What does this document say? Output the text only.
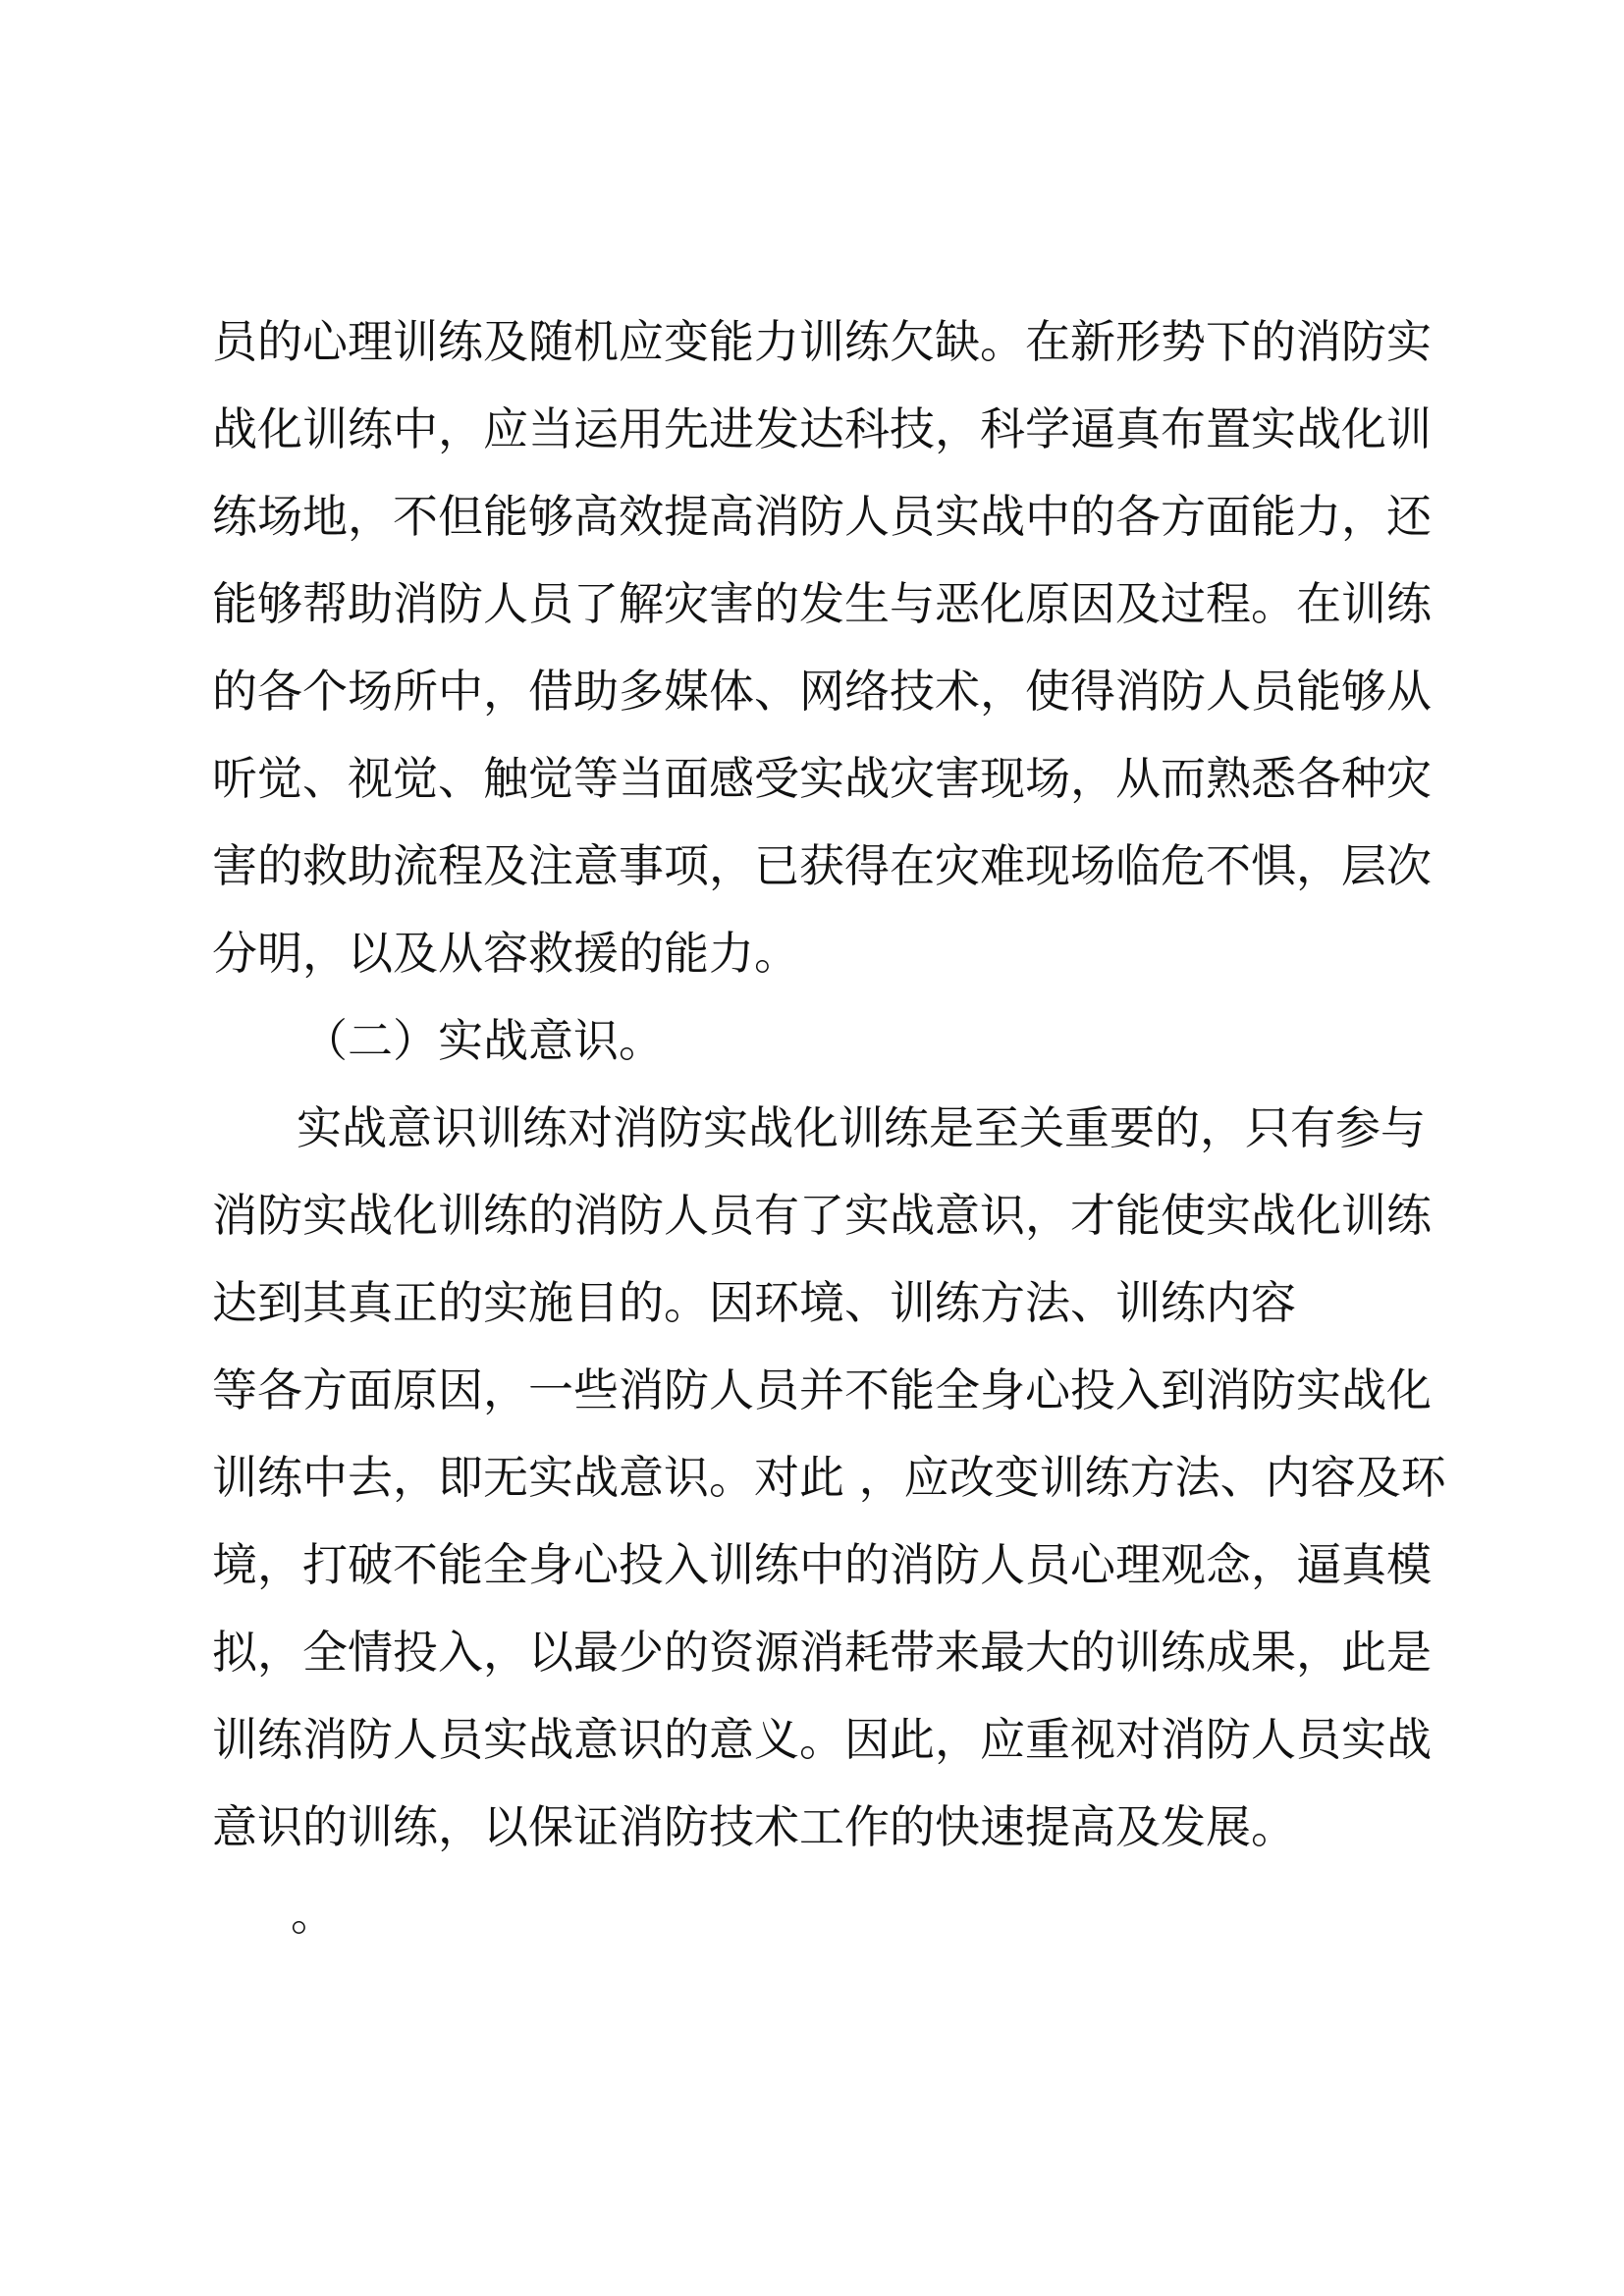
员的心理训练及随机应变能力训练欠缺。在新形势下的消防实
战化训练中，应当运用先进发达科技，科学逼真布置实战化训
练场地，不但能够高效提高消防人员实战中的各方面能力，还
能够帮助消防人员了解灾害的发生与恶化原因及过程。在训练
的各个场所中，借助多媒体、网络技术，使得消防人员能够从
听觉、视觉、触觉等当面感受实战灾害现场，从而熟悉各种灾
害的救助流程及注意事项，已获得在灾难现场临危不惧，层次
分明，以及从容救援的能力。
（二）实战意识。
实战意识训练对消防实战化训练是至关重要的，只有参与
消防实战化训练的消防人员有了实战意识，才能使实战化训练
达到其真正的实施目的。因环境、训练方法、训练内容
等各方面原因，一些消防人员并不能全身心投入到消防实战化
训练中去，即无实战意识。对此 ，应改变训练方法、内容及环
境，打破不能全身心投入训练中的消防人员心理观念，逼真模
拟，全情投入，以最少的资源消耗带来最大的训练成果，此是
训练消防人员实战意识的意义。因此，应重视对消防人员实战
意识的训练，以保证消防技术工作的快速提高及发展。
。
